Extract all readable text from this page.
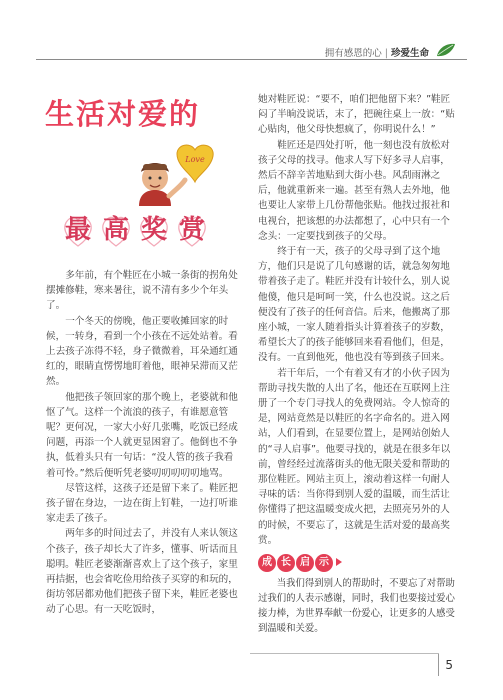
拥有感恩的心 | 珍爱生命
生活对爱的
Love
最 高 奖 赏

多年前，有个鞋匠在小城一条街的拐角处摆摊修鞋，寒来暑往，说不清有多少个年头了。

一个冬天的傍晚，他正要收摊回家的时候，一转身，看到一个小孩在不远处站着。看上去孩子冻得不轻，身子微微着，耳朵通红通红的，眼睛直愣愣地盯着他，眼神呆滞而又茫然。

他把孩子领回家的那个晚上，老婆就和他怄了气。这样一个流浪的孩子，有谁愿意管呢？更何况，一家大小好几张嘴，吃饭已经成问题，再添一个人就更显困窘了。他倒也不争执，低着头只有一句话：“没人管的孩子我看着可怜。”然后便听凭老婆叨叨叨叨叨地骂。

尽管这样，这孩子还是留下来了。鞋匠把孩子留在身边，一边在街上钉鞋，一边打听谁家走丢了孩子。

两年多的时间过去了，并没有人来认领这个孩子，孩子却长大了许多，懂事、听话而且聪明。鞋匠老婆渐渐喜欢上了这个孩子，家里再拮据，也会省吃俭用给孩子买穿的和玩的，街坊邻居都劝他们把孩子留下来，鞋匠老婆也动了心思。有一天吃饭时，

她对鞋匠说：“要不，咱们把他留下来？”鞋匠闷了半晌没说话，末了，把碗往桌上一放：“贴心贴肉，他父母快想疯了，你明说什么！”

鞋匠还是四处打听，他一刻也没有放松对孩子父母的找寻。他求人写下好多寻人启事，然后不辞辛苦地贴到大街小巷。风刮雨淋之后，他就重新来一遍。甚至有熟人去外地，他也要让人家带上几份帮他张贴。他找过报社和电视台，把该想的办法都想了，心中只有一个念头：一定要找到孩子的父母。

终于有一天，孩子的父母寻到了这个地方，他们只是说了几句感谢的话，就急匆匆地带着孩子走了。鞋匠并没有计较什么，别人说他傻，他只是呵呵一笑，什么也没说。这之后便没有了孩子的任何音信。后来，他搬离了那座小城，一家人随着指头计算着孩子的岁数，希望长大了的孩子能够回来看看他们，但是，没有。一直到他死，他也没有等到孩子回来。

若干年后，一个有着又有才的小伙子因为帮助寻找失散的人出了名，他还在互联网上注册了一个专门寻找人的免费网站。令人惊奇的是，网站竟然是以鞋匠的名字命名的。进入网站，人们看到，在显要位置上，是网站创始人的“寻人启事”。他要寻找的，就是在很多年以前，曾经经过流落街头的他无限关爱和帮助的那位鞋匠。网站主页上，滚动着这样一句耐人寻味的话：当你得到别人爱的温暖，而生活让你懂得了把这温暖变成火把，去照亮另外的人的时候，不要忘了，这就是生活对爱的最高奖赏。

成 长 启 示

当我们得到别人的帮助时，不要忘了对帮助过我们的人表示感谢，同时，我们也要接过爱心接力棒，为世界奉献一份爱心，让更多的人感受到温暖和关爱。

5
